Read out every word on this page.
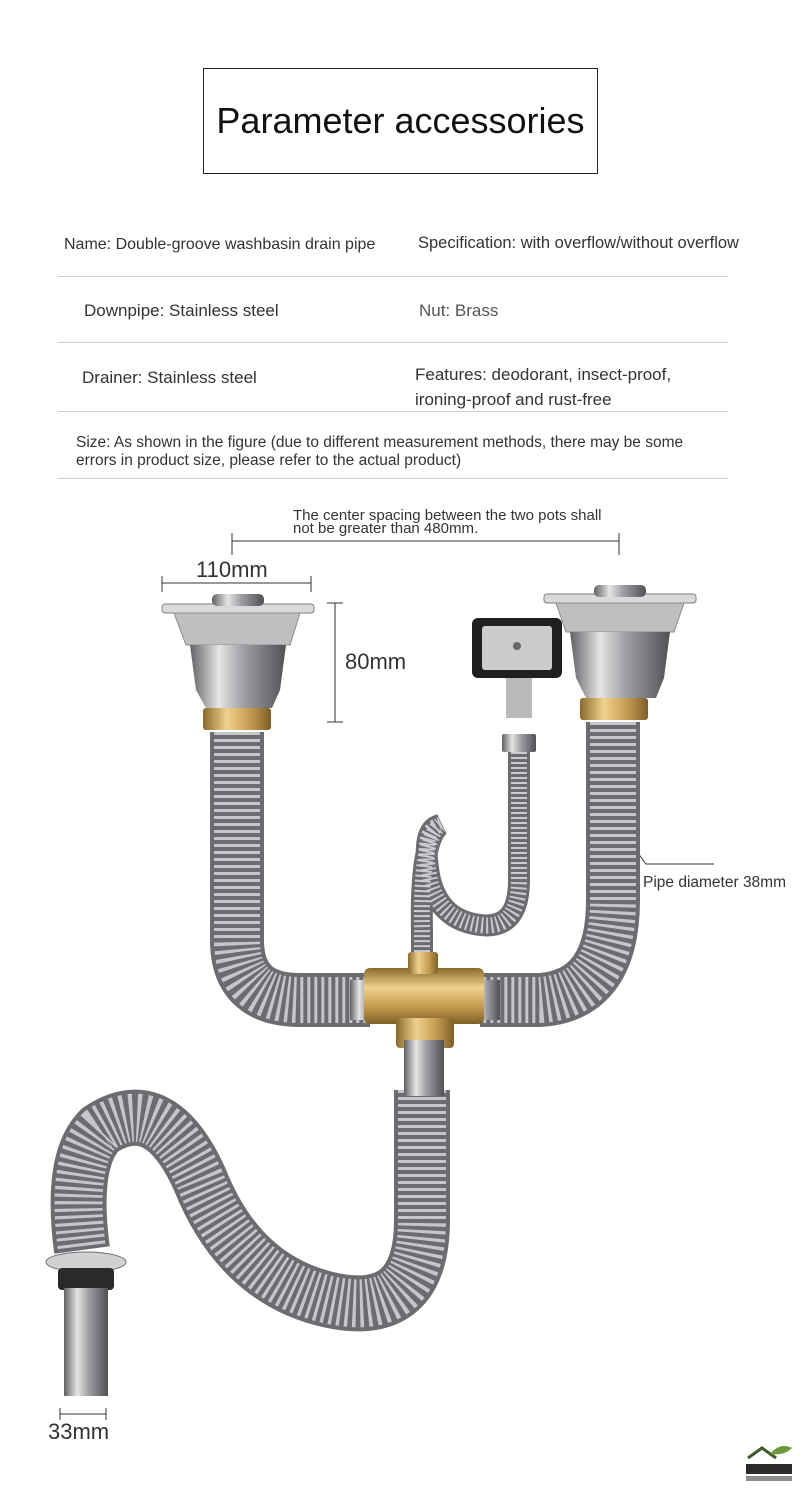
Parameter accessories
Name: Double-groove washbasin drain pipe	Specification: with overflow/without overflow
Downpipe: Stainless steel	Nut: Brass
Drainer: Stainless steel	Features: deodorant, insect-proof,
ironing-proof and rust-free
Size: As shown in the figure (due to different measurement methods, there may be some errors in product size, please refer to the actual product)
The center spacing between the two pots shall
not be greater than 480mm.
110mm
80mm
Pipe diameter 38mm
33mm
